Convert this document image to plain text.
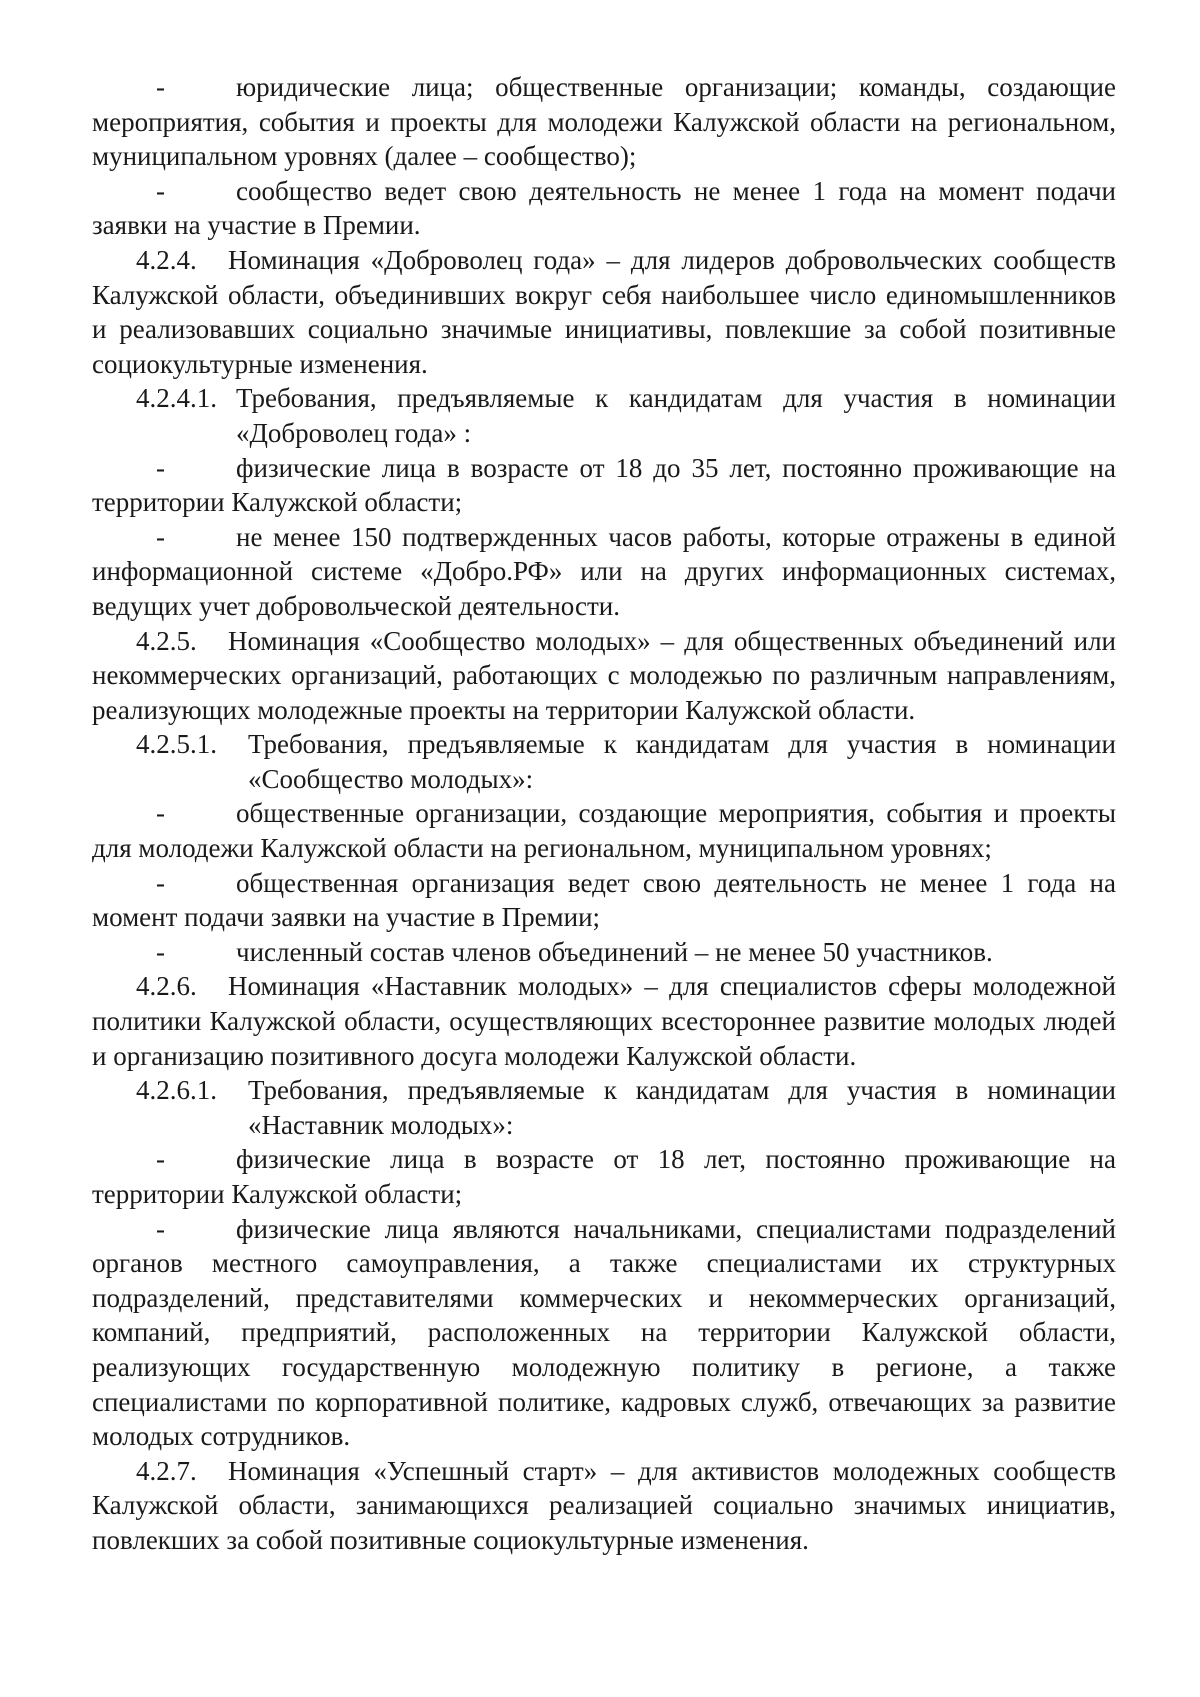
-	юридические лица; общественные организации; команды, создающие мероприятия, события и проекты для молодежи Калужской области на региональном, муниципальном уровнях (далее – сообщество);

-	сообщество ведет свою деятельность не менее 1 года на момент подачи заявки на участие в Премии.

4.2.4. Номинация «Доброволец года» – для лидеров добровольческих сообществ Калужской области, объединивших вокруг себя наибольшее число единомышленников и реализовавших социально значимые инициативы, повлекшие за собой позитивные социокультурные изменения.

4.2.4.1. Требования, предъявляемые к кандидатам для участия в номинации «Доброволец года» :

-	физические лица в возрасте от 18 до 35 лет, постоянно проживающие на территории Калужской области;

-	не менее 150 подтвержденных часов работы, которые отражены в единой информационной системе «Добро.РФ» или на других информационных системах, ведущих учет добровольческой деятельности.

4.2.5. Номинация «Сообщество молодых» – для общественных объединений или некоммерческих организаций, работающих с молодежью по различным направлениям, реализующих молодежные проекты на территории Калужской области.

4.2.5.1.	Требования, предъявляемые к кандидатам для участия в номинации «Сообщество молодых»:

-	общественные организации, создающие мероприятия, события и проекты для молодежи Калужской области на региональном, муниципальном уровнях;

-	общественная организация ведет свою деятельность не менее 1 года на момент подачи заявки на участие в Премии;

-	численный состав членов объединений – не менее 50 участников.

4.2.6. Номинация «Наставник молодых» – для специалистов сферы молодежной политики Калужской области, осуществляющих всестороннее развитие молодых людей и организацию позитивного досуга молодежи Калужской области.

4.2.6.1.	Требования, предъявляемые к кандидатам для участия в номинации «Наставник молодых»:

-	физические лица в возрасте от 18 лет, постоянно проживающие на территории Калужской области;

-	физические лица являются начальниками, специалистами подразделений органов местного самоуправления, а также специалистами их структурных подразделений, представителями коммерческих и некоммерческих организаций, компаний, предприятий, расположенных на территории Калужской области, реализующих государственную молодежную политику в регионе, а также специалистами по корпоративной политике, кадровых служб, отвечающих за развитие молодых сотрудников.

4.2.7. Номинация «Успешный старт» – для активистов молодежных сообществ Калужской области, занимающихся реализацией социально значимых инициатив, повлекших за собой позитивные социокультурные изменения.
